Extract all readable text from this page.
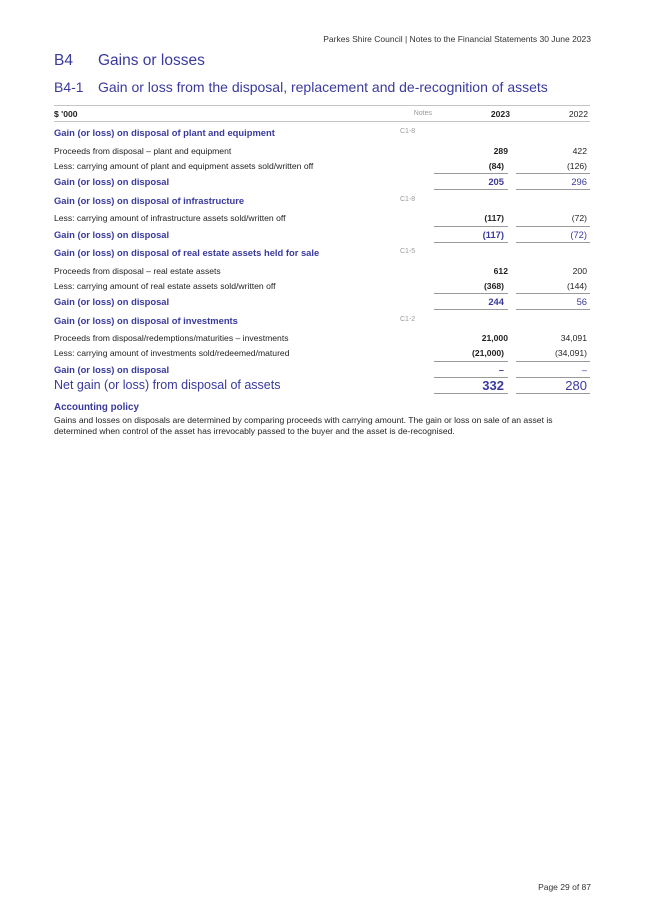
Parkes Shire Council | Notes to the Financial Statements 30 June 2023
B4 Gains or losses
B4-1 Gain or loss from the disposal, replacement and de-recognition of assets
$ '000	Notes	2023	2022
Gain (or loss) on disposal of plant and equipment	C1-8		
Proceeds from disposal – plant and equipment		289	422
Less: carrying amount of plant and equipment assets sold/written off		(84)	(126)
Gain (or loss) on disposal		205	296
Gain (or loss) on disposal of infrastructure	C1-8		
Less: carrying amount of infrastructure assets sold/written off		(117)	(72)
Gain (or loss) on disposal		(117)	(72)
Gain (or loss) on disposal of real estate assets held for sale	C1-5		
Proceeds from disposal – real estate assets		612	200
Less: carrying amount of real estate assets sold/written off		(368)	(144)
Gain (or loss) on disposal		244	56
Gain (or loss) on disposal of investments	C1-2		
Proceeds from disposal/redemptions/maturities – investments		21,000	34,091
Less: carrying amount of investments sold/redeemed/matured		(21,000)	(34,091)
Gain (or loss) on disposal		–	–
Net gain (or loss) from disposal of assets		332	280
Accounting policy
Gains and losses on disposals are determined by comparing proceeds with carrying amount. The gain or loss on sale of an asset is determined when control of the asset has irrevocably passed to the buyer and the asset is de-recognised.
Page 29 of 87
